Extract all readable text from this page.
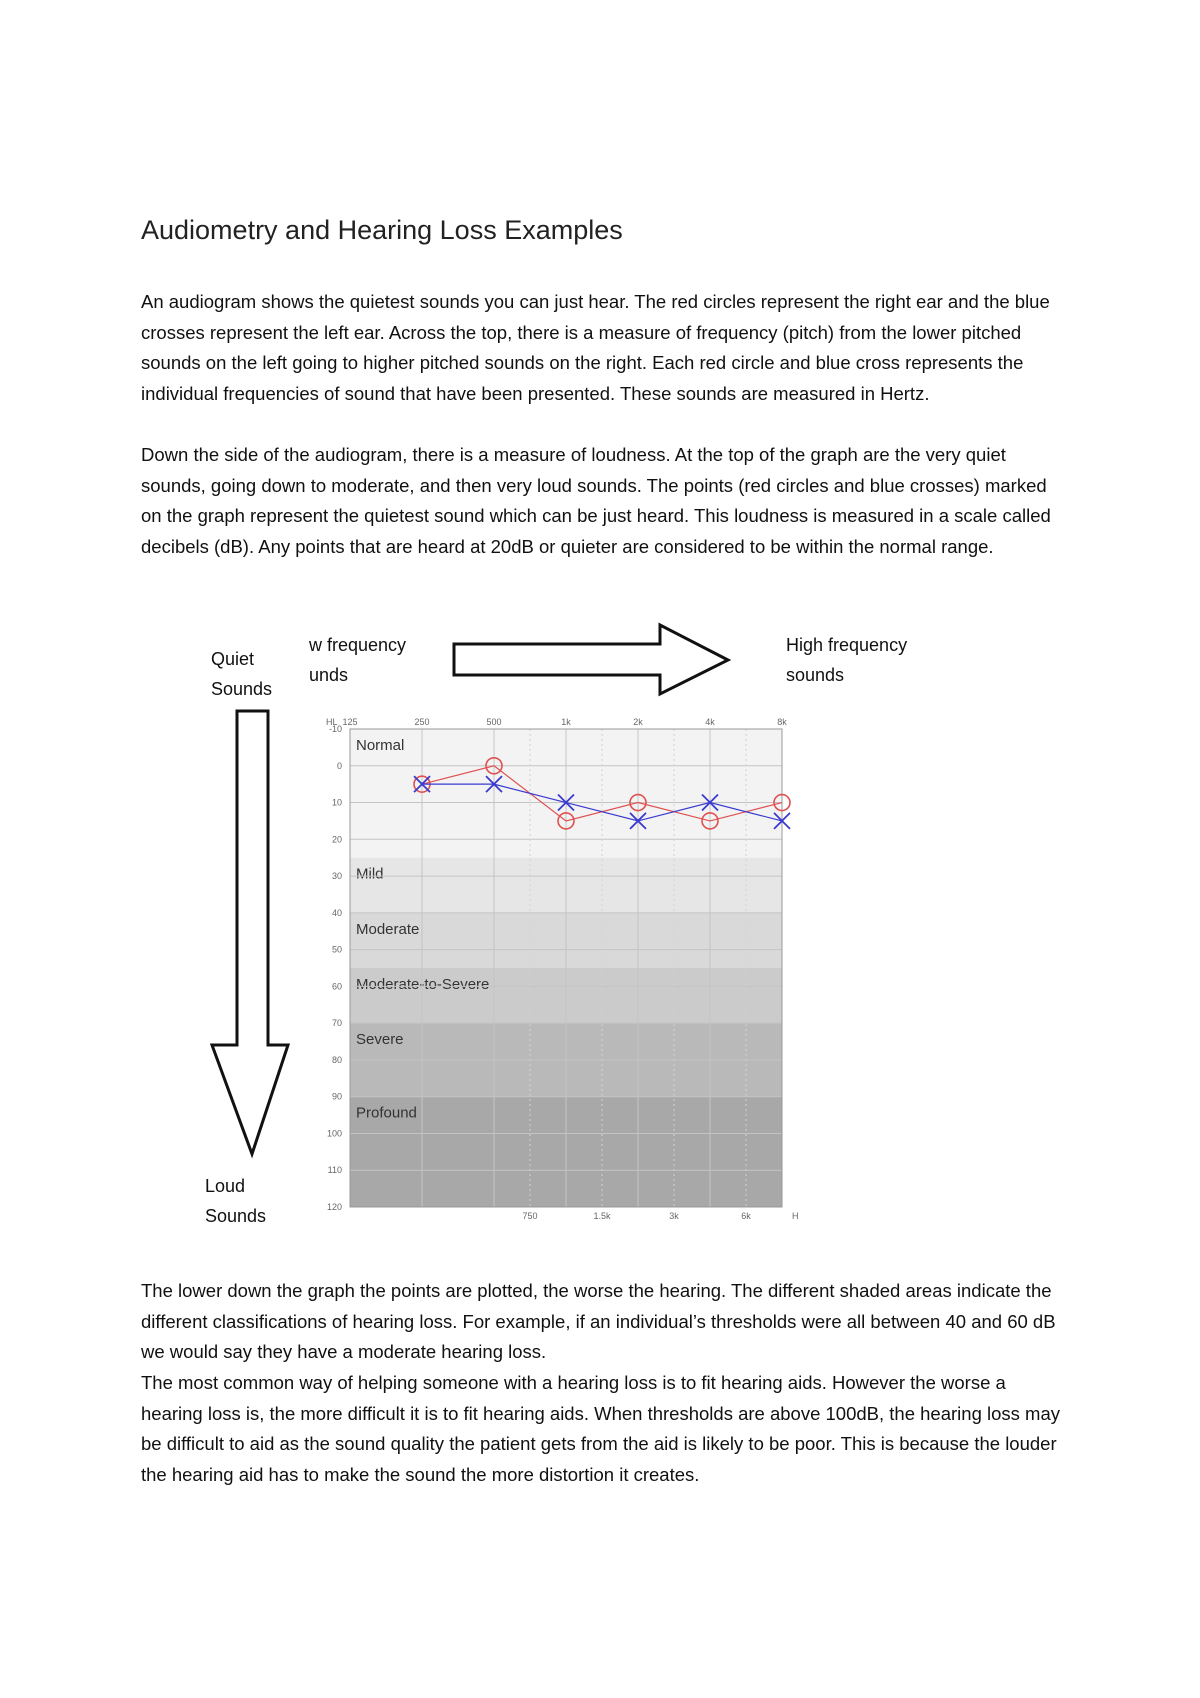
Audiometry and Hearing Loss Examples

An audiogram shows the quietest sounds you can just hear. The red circles represent the right ear and the blue crosses represent the left ear. Across the top, there is a measure of frequency (pitch) from the lower pitched sounds on the left going to higher pitched sounds on the right. Each red circle and blue cross represents the individual frequencies of sound that have been presented. These sounds are measured in Hertz.

Down the side of the audiogram, there is a measure of loudness. At the top of the graph are the very quiet sounds, going down to moderate, and then very loud sounds. The points (red circles and blue crosses) marked on the graph represent the quietest sound which can be just heard. This loudness is measured in a scale called decibels (dB). Any points that are heard at 20dB or quieter are considered to be within the normal range.

Quiet
Sounds
w frequency
unds
High frequency
sounds
Loud
Sounds
Normal
Mild
Moderate
Moderate-to-Severe
Severe
Profound
HL 125	250	500	1k	2k	4k	8k
750	1.5k	3k	6k	H
-10
0
10
20
30
40
50
60
70
80
90
100
110
120

The lower down the graph the points are plotted, the worse the hearing. The different shaded areas indicate the different classifications of hearing loss. For example, if an individual’s thresholds were all between 40 and 60 dB we would say they have a moderate hearing loss.

The most common way of helping someone with a hearing loss is to fit hearing aids. However the worse a hearing loss is, the more difficult it is to fit hearing aids. When thresholds are above 100dB, the hearing loss may be difficult to aid as the sound quality the patient gets from the aid is likely to be poor. This is because the louder the hearing aid has to make the sound the more distortion it creates.
